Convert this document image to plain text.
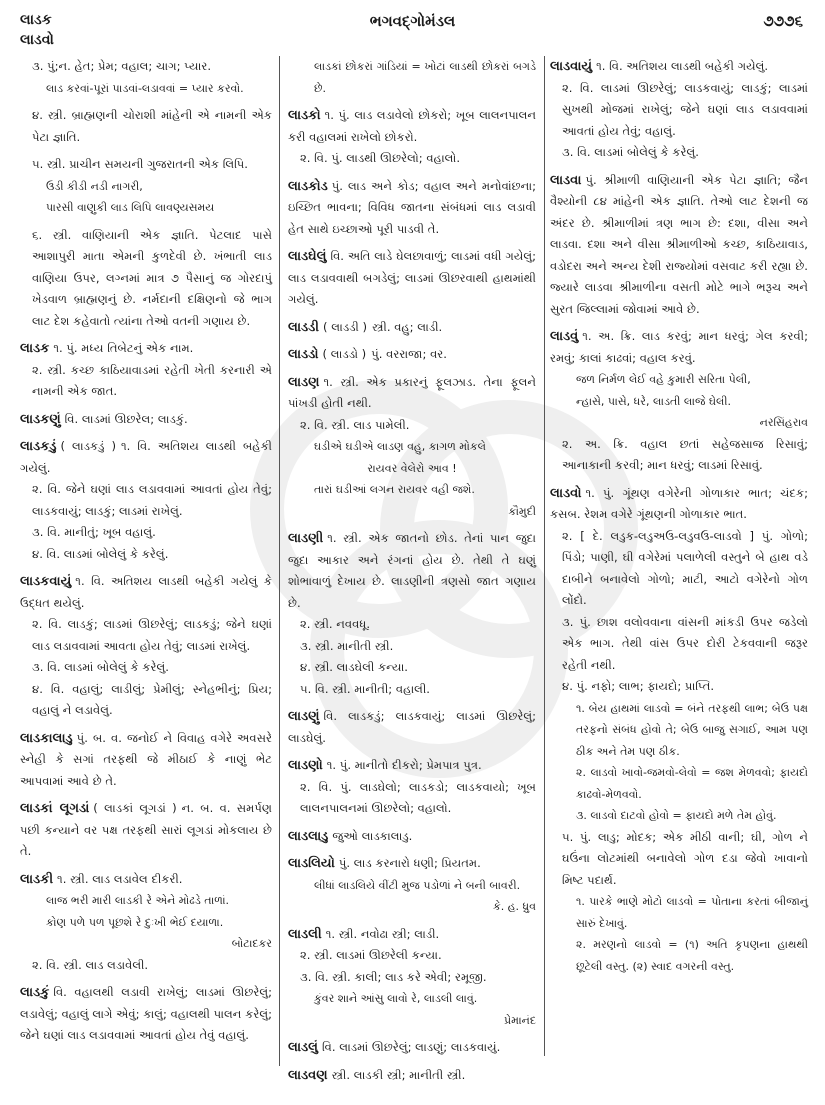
લાડક
લાડવો
ભગવદ્ગોમંડલ	૭૭૭૬
૩. પું;ન. હેત; પ્રેમ; વહાલ; ચાગ; પ્યાર.
લાડ કરવાં-પૂરાં પાડવાં-લડાવવાં = પ્યાર કરવો.
૪. સ્ત્રી. બ્રાહ્મણની ચોરાશી માંહેની એ નામની એક પેટા જ્ઞાતિ.
૫. સ્ત્રી. પ્રાચીન સમયની ગુજરાતની એક લિપિ.
ઉડી કીડી નડી નાગરી,
પારસી વાણુકી લાડ લિપિ લાવણ્યસમય
૬. સ્ત્રી. વાણિયાની એક જ્ઞાતિ. પેટલાદ પાસે આશાપુરી માતા એમની કુળદેવી છે. ખંભાતી લાડ વાણિયા ઉપર, લગ્નમાં માત્ર ૭ પૈસાનું જ ગોરદાપું ખેડવાળ બ્રાહ્મણનું છે. નર્મદાની દક્ષિણનો જે ભાગ લાટ દેશ કહેવાતો ત્યાંના તેઓ વતની ગણાય છે.
લાડક ૧. પું. મધ્ય તિબેટનું એક નામ.
૨. સ્ત્રી. કચ્છ કાઠિયાવાડમાં રહેતી ખેતી કરનારી એ નામની એક જાત.
લાડકણું વિ. લાડમાં ઊછરેલ; લાડકું.
લાડકડું ( લાડકડું ) ૧. વિ. અતિશય લાડથી બહેકી ગયેલું.
૨. વિ. જેને ઘણાં લાડ લડાવવામાં આવતાં હોય તેવું; લાડકવાયું; લાડકું; લાડમાં રાખેલું.
૩. વિ. માનીતું; ખૂબ વહાલું.
૪. વિ. લાડમાં બોલેલું કે કરેલું.
લાડકવાયું ૧. વિ. અતિશય લાડથી બહેકી ગયેલું કે ઉદ્ધત થયેલું.
૨. વિ. લાડકું; લાડમાં ઊછરેલું; લાડકડું; જેને ઘણાં લાડ લડાવવામાં આવતા હોય તેવું; લાડમાં રાખેલું.
૩. વિ. લાડમાં બોલેલું કે કરેલું.
૪. વિ. વહાલું; લાડીલું; પ્રેમીલું; સ્નેહભીનું; પ્રિય; વહાલું ને લડાવેલું.
લાડકાલાડુ પું. બ. વ. જનોઈ ને વિવાહ વગેરે અવસરે સ્નેહી કે સગાં તરફથી જે મીઠાઈ કે નાણું ભેટ આપવામાં આવે છે તે.
લાડકાં લૂગડાં ( લાડકાં લૂગડાં ) ન. બ. વ. સમર્પણ પછી કન્યાને વર પક્ષ તરફથી સારાં લૂગડાં મોકલાય છે તે.
લાડકી ૧. સ્ત્રી. લાડ લડાવેલ દીકરી.
લાજ ભરી મારી લાડકી રે એને મોઢડે તાળાં.
કોણ પળે પળ પૂછશે રે દુઃખી ભેઈ દયાળા.
બોટાદકર
૨. વિ. સ્ત્રી. લાડ લડાવેલી.
લાડકું વિ. વહાલથી લડાવી રાખેલું; લાડમાં ઊછરેલું; લડાવેલું; વહાલું લાગે એવું; કાલું; વહાલથી પાલન કરેલું; જેને ઘણાં લાડ લડાવવામાં આવતાં હોય તેવું વહાલું.
લાડકાં છોકરાં ગાંડિયાં = ખોટાં લાડથી છોકરાં બગડે છે.
લાડકો ૧. પું. લાડ લડાવેલો છોકરો; ખૂબ લાલનપાલન કરી વહાલમાં રાખેલો છોકરો.
૨. વિ. પું. લાડથી ઊછરેલો; વહાલો.
લાડકોડ પું. લાડ અને કોડ; વહાલ અને મનોવાંછના; ઇચ્છિત ભાવના; વિવિધ જાતના સંબંધમાં લાડ લડાવી હેત સાથે ઇચ્છાઓ પૂરી પાડવી તે.
લાડઘેલું વિ. અતિ લાડે ઘેલછાવાળું; લાડમાં વધી ગયેલું; લાડ લડાવવાથી બગડેલું; લાડમાં ઊછરવાથી હાથમાંથી ગયેલું.
લાડડી ( લાડડી ) સ્ત્રી. વહુ; લાડી.
લાડડો ( લાડડો ) પું. વરરાજા; વર.
લાડણ ૧. સ્ત્રી. એક પ્રકારનું ફૂલઝાડ. તેના ફૂલને પાંખડી હોતી નથી.
૨. વિ. સ્ત્રી. લાડ પામેલી.
ઘડીએ ઘડીએ લાડણ વહુ, કાગળ મોકલે
રાયવર વેલેરો આવ !
તારાં ઘડીઆં લગન રાયવર વહી જશે.
કૌમુદી
લાડણી ૧. સ્ત્રી. એક જાતનો છોડ. તેનાં પાન જુદા જુદા આકાર અને રંગનાં હોય છે. તેથી તે ઘણું શોભાવાળું દેખાય છે. લાડણીની ત્રણસો જાત ગણાય છે.
૨. સ્ત્રી. નવવધૂ.
૩. સ્ત્રી. માનીતી સ્ત્રી.
૪. સ્ત્રી. લાડઘેલી કન્યા.
૫. વિ. સ્ત્રી. માનીતી; વહાલી.
લાડણું વિ. લાડકડું; લાડકવાયું; લાડમાં ઊછરેલું; લાડઘેલું.
લાડણો ૧. પું. માનીતો દીકરો; પ્રેમપાત્ર પુત્ર.
૨. વિ. પું. લાડઘેલો; લાડકડો; લાડકવાયો; ખૂબ લાલનપાલનમાં ઊછરેલો; વહાલો.
લાડલાડુ જુઓ લાડકાલાડુ.
લાડલિયો પું. લાડ કરનારો ધણી; પ્રિયતમ.
લીધાં લાડલિયે વીંટી મુજ પડોળાં ને બની બાવરી.
કે. હ. ધ્રુવ
લાડલી ૧. સ્ત્રી. નવોઢા સ્ત્રી; લાડી.
૨. સ્ત્રી. લાડમાં ઊછરેલી કન્યા.
૩. વિ. સ્ત્રી. કાલી; લાડ કરે એવી; રમૂજી.
કુંવર શાને આંસુ લાવો રે, લાડલી લાવું.
પ્રેમાનંદ
લાડલું વિ. લાડમાં ઊછરેલું; લાડણું; લાડકવાયું.
લાડવણ સ્ત્રી. લાડકી સ્ત્રી; માનીતી સ્ત્રી.
લાડવાયું ૧. વિ. અતિશય લાડથી બહેકી ગયેલું.
૨. વિ. લાડમાં ઊછરેલું; લાડકવાયું; લાડકું; લાડમાં સુખથી મોજમાં રાખેલું; જેને ઘણાં લાડ લડાવવામાં આવતાં હોય તેવું; વહાલું.
૩. વિ. લાડમાં બોલેલું કે કરેલું.
લાડવા પું. શ્રીમાળી વાણિયાની એક પેટા જ્ઞાતિ; જૈન વૈશ્યોની ૮૪ માંહેની એક જ્ઞાતિ. તેઓ લાટ દેશની જ અંદર છે. શ્રીમાળીમાં ત્રણ ભાગ છે: દશા, વીસા અને લાડવા. દશા અને વીસા શ્રીમાળીઓ કચ્છ, કાઠિયાવાડ, વડોદરા અને અન્ય દેશી રાજ્યોમાં વસવાટ કરી રહ્યા છે. જ્યારે લાડવા શ્રીમાળીના વસતી મોટે ભાગે ભરૂચ અને સુરત જિલ્લામાં જોવામાં આવે છે.
લાડવું ૧. અ. ક્રિ. લાડ કરવું; માન ધરવું; ગેલ કરવી; રમવું; કાલાં કાઢવાં; વહાલ કરવું.
જળ નિર્મળ લેઈ વહે કુમારી સરિતા પેલી,
ન્હાસે, પાસે, ધરે, લાડતી લાજે ઘેલી.
નરસિંહરાવ
૨. અ. ક્રિ. વહાલ છતાં સહેજસાજ રિસાવું; આનાકાની કરવી; માન ધરવું; લાડમાં રિસાવું.
લાડવો ૧. પું. ગૂંથણ વગેરેની ગોળાકાર ભાત; ચંદક; કસબ. રેશમ વગેરે ગૂંથણની ગોળાકાર ભાત.
૨. [ દે. લડુક-લડુઅઉ-લડુવઉ-લાડવો ] પું. ગોળો; પિંડો; પાણી, ઘી વગેરેમાં પલાળેલી વસ્તુને બે હાથ વડે દાબીને બનાવેલો ગોળો; માટી, આટો વગેરેનો ગોળ લોંદો.
૩. પું. છાશ વલોવવાના વાંસની માંકડી ઉપર જડેલો એક ભાગ. તેથી વાંસ ઉપર દોરી ટેકવવાની જરૂર રહેતી નથી.
૪. પું. નફો; લાભ; ફાયદો; પ્રાપ્તિ.
૧. બેય હાથમાં લાડવો = બંને તરફથી લાભ; બેઉ પક્ષ તરફનો સંબંધ હોવો તે; બેઉ બાજુ સગાઈ, આમ પણ ઠીક અને તેમ પણ ઠીક.
૨. લાડવો ખાવો-જમવો-લેવો = જશ મેળવવો; ફાયદો કાઢવો-મેળવવો.
૩. લાડવો દાટવો હોવો = ફાયદો મળે તેમ હોવું.
૫. પું. લાડુ; મોદક; એક મીઠી વાની; ઘી, ગોળ ને ઘઉંના લોટમાંથી બનાવેલો ગોળ દડા જેવો ખાવાનો મિષ્ટ પદાર્થ.
૧. પારકે ભાણે મોટો લાડવો = પોતાના કરતાં બીજાનું સારું દેખાવું.
૨. મરણનો લાડવો = (૧) અતિ કૃપણના હાથથી છૂટેલી વસ્તુ. (૨) સ્વાદ વગરની વસ્તુ.
